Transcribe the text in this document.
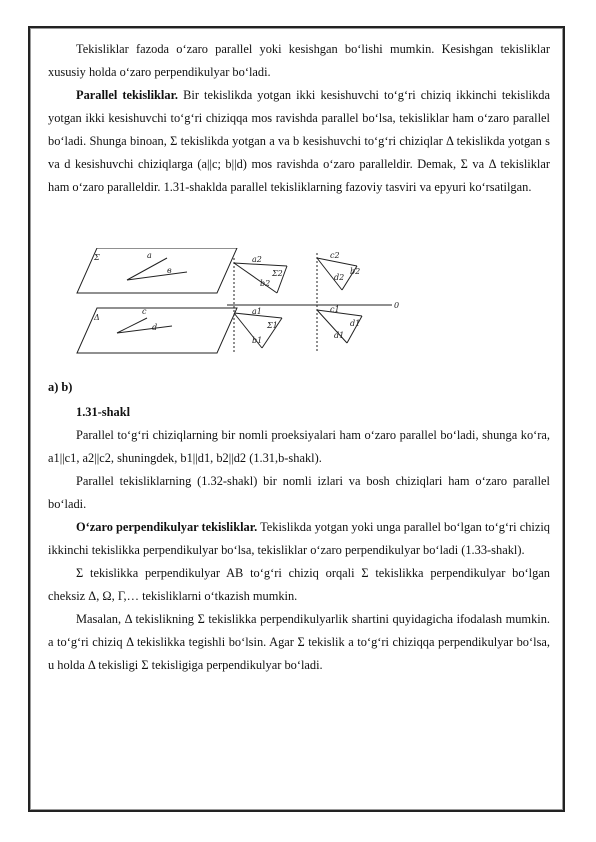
Tekisliklar fazoda o‘zaro parallel yoki kesishgan bo‘lishi mumkin. Kesishgan tekisliklar xususiy holda o‘zaro perpendikulyar bo‘ladi.

Parallel tekisliklar. Bir tekislikda yotgan ikki kesishuvchi to‘g‘ri chiziq ikkinchi tekislikda yotgan ikki kesishuvchi to‘g‘ri chiziqqa mos ravishda parallel bo‘lsa, tekisliklar ham o‘zaro parallel bo‘ladi. Shunga binoan, Σ tekislikda yotgan a va b kesishuvchi to‘g‘ri chiziqlar Δ tekislikda yotgan s va d kesishuvchi chiziqlarga (a||c; b||d) mos ravishda o‘zaro paralleldir. Demak, Σ va Δ tekisliklar ham o‘zaro paralleldir. 1.31-shaklda parallel tekisliklarning fazoviy tasviri va epyuri ko‘rsatilgan.

Σ	a
в
Δ
c
d
a2
Σ2
b2
c2
b2
d2
a1
Σ1
b1
c1
d1
d1
0
a) b)

1.31-shakl

Parallel to‘g‘ri chiziqlarning bir nomli proeksiyalari ham o‘zaro parallel bo‘ladi, shunga ko‘ra, a1||c1, a2||c2, shuningdek, b1||d1, b2||d2 (1.31,b-shakl).

Parallel tekisliklarning (1.32-shakl) bir nomli izlari va bosh chiziqlari ham o‘zaro parallel bo‘ladi.

O‘zaro perpendikulyar tekisliklar. Tekislikda yotgan yoki unga parallel bo‘lgan to‘g‘ri chiziq ikkinchi tekislikka perpendikulyar bo‘lsa, tekisliklar o‘zaro perpendikulyar bo‘ladi (1.33-shakl).

Σ tekislikka perpendikulyar AB to‘g‘ri chiziq orqali Σ tekislikka perpendikulyar bo‘lgan cheksiz Δ, Ω, Γ,… tekisliklarni o‘tkazish mumkin.

Masalan, Δ tekislikning Σ tekislikka perpendikulyarlik shartini quyidagicha ifodalash mumkin. a to‘g‘ri chiziq Δ tekislikka tegishli bo‘lsin. Agar Σ tekislik a to‘g‘ri chiziqqa perpendikulyar bo‘lsa, u holda Δ tekisligi Σ tekisligiga perpendikulyar bo‘ladi.
